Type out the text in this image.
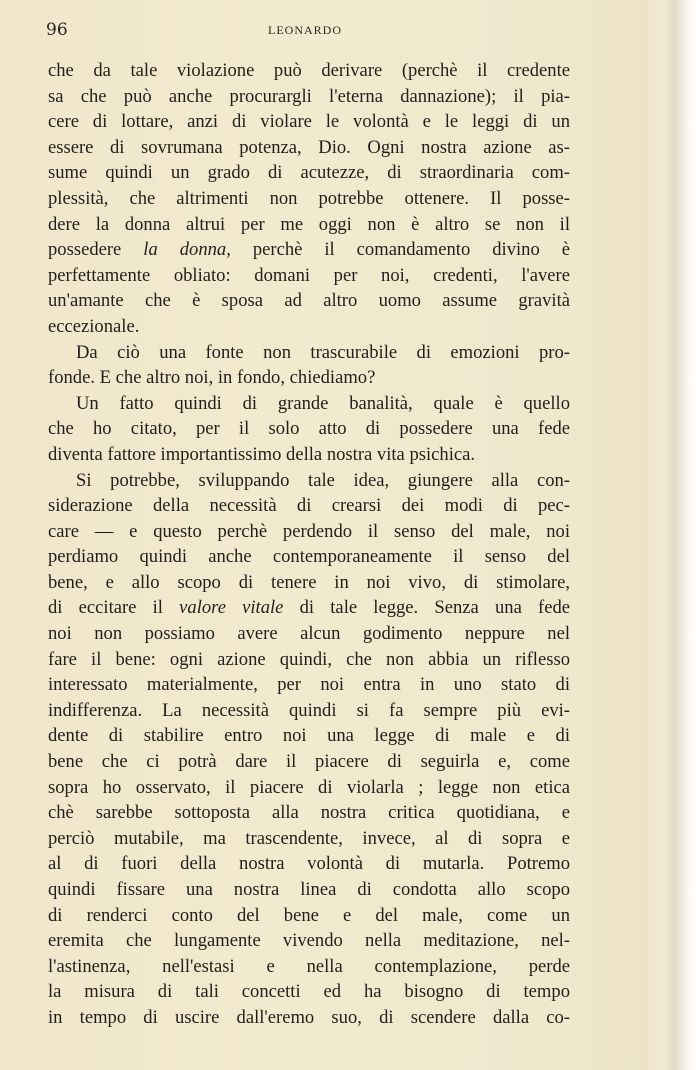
96	LEONARDO
che da tale violazione può derivare (perchè il credente
sa che può anche procurargli l'eterna dannazione); il pia-
cere di lottare, anzi di violare le volontà e le leggi di un
essere di sovrumana potenza, Dio. Ogni nostra azione as-
sume quindi un grado di acutezze, di straordinaria com-
plessità, che altrimenti non potrebbe ottenere. Il posse-
dere la donna altrui per me oggi non è altro se non il
possedere la donna, perchè il comandamento divino è
perfettamente obliato: domani per noi, credenti, l'avere
un'amante che è sposa ad altro uomo assume gravità
eccezionale.
Da ciò una fonte non trascurabile di emozioni pro-
fonde. E che altro noi, in fondo, chiediamo?
Un fatto quindi di grande banalità, quale è quello
che ho citato, per il solo atto di possedere una fede
diventa fattore importantissimo della nostra vita psichica.
Si potrebbe, sviluppando tale idea, giungere alla con-
siderazione della necessità di crearsi dei modi di pec-
care — e questo perchè perdendo il senso del male, noi
perdiamo quindi anche contemporaneamente il senso del
bene, e allo scopo di tenere in noi vivo, di stimolare,
di eccitare il valore vitale di tale legge. Senza una fede
noi non possiamo avere alcun godimento neppure nel
fare il bene: ogni azione quindi, che non abbia un riflesso
interessato materialmente, per noi entra in uno stato di
indifferenza. La necessità quindi si fa sempre più evi-
dente di stabilire entro noi una legge di male e di
bene che ci potrà dare il piacere di seguirla e, come
sopra ho osservato, il piacere di violarla ; legge non etica
chè sarebbe sottoposta alla nostra critica quotidiana, e
perciò mutabile, ma trascendente, invece, al di sopra e
al di fuori della nostra volontà di mutarla. Potremo
quindi fissare una nostra linea di condotta allo scopo
di renderci conto del bene e del male, come un
eremita che lungamente vivendo nella meditazione, nel-
l'astinenza, nell'estasi e nella contemplazione, perde
la misura di tali concetti ed ha bisogno di tempo
in tempo di uscire dall'eremo suo, di scendere dalla co-
